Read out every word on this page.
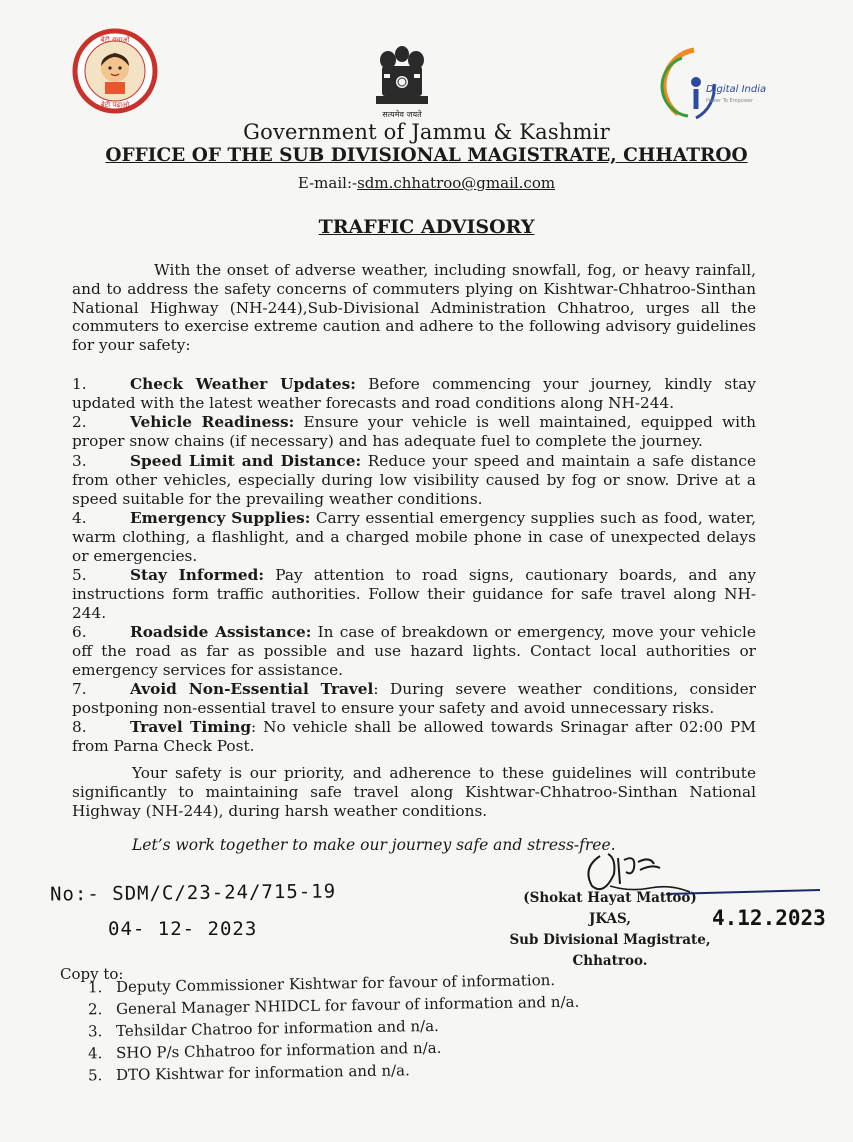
बेटी बचाओ
बेटी पढ़ाओ
सत्यमेव जयते
Digital India
Power To Empower
Government of Jammu & Kashmir
OFFICE OF THE SUB DIVISIONAL MAGISTRATE, CHHATROO
E-mail:-sdm.chhatroo@gmail.com
TRAFFIC ADVISORY
With the onset of adverse weather, including snowfall, fog, or heavy rainfall, and to address the safety concerns of commuters plying on Kishtwar-Chhatroo-Sinthan National Highway (NH-244),Sub-Divisional Administration Chhatroo, urges all the commuters to exercise extreme caution and adhere to the following advisory guidelines for your safety:
1.	Check Weather Updates: Before commencing your journey, kindly stay updated with the latest weather forecasts and road conditions along NH-244.
2.	Vehicle Readiness: Ensure your vehicle is well maintained, equipped with proper snow chains (if necessary) and has adequate fuel to complete the journey.
3.	Speed Limit and Distance: Reduce your speed and maintain a safe distance from other vehicles, especially during low visibility caused by fog or snow. Drive at a speed suitable for the prevailing weather conditions.
4.	Emergency Supplies: Carry essential emergency supplies such as food, water, warm clothing, a flashlight, and a charged mobile phone in case of unexpected delays or emergencies.
5.	Stay Informed: Pay attention to road signs, cautionary boards, and any instructions form traffic authorities. Follow their guidance for safe travel along NH-244.
6.	Roadside Assistance: In case of breakdown or emergency, move your vehicle off the road as far as possible and use hazard lights. Contact local authorities or emergency services for assistance.
7.	Avoid Non-Essential Travel: During severe weather conditions, consider postponing non-essential travel to ensure your safety and avoid unnecessary risks.
8.	Travel Timing: No vehicle shall be allowed towards Srinagar after 02:00 PM from Parna Check Post.
Your safety is our priority, and adherence to these guidelines will contribute significantly to maintaining safe travel along Kishtwar-Chhatroo-Sinthan National Highway (NH-244), during harsh weather conditions.
Let’s work together to make our journey safe and stress-free.
No:- SDM/C/23-24/715-19
04- 12- 2023
(Shokat Hayat Mattoo) JKAS,
Sub Divisional Magistrate,
Chhatroo.
4.12.2023
Copy to:
1. Deputy Commissioner Kishtwar for favour of information.
2. General Manager NHIDCL for favour of information and n/a.
3. Tehsildar Chatroo for information and n/a.
4. SHO P/s Chhatroo for information and n/a.
5. DTO Kishtwar for information and n/a.
